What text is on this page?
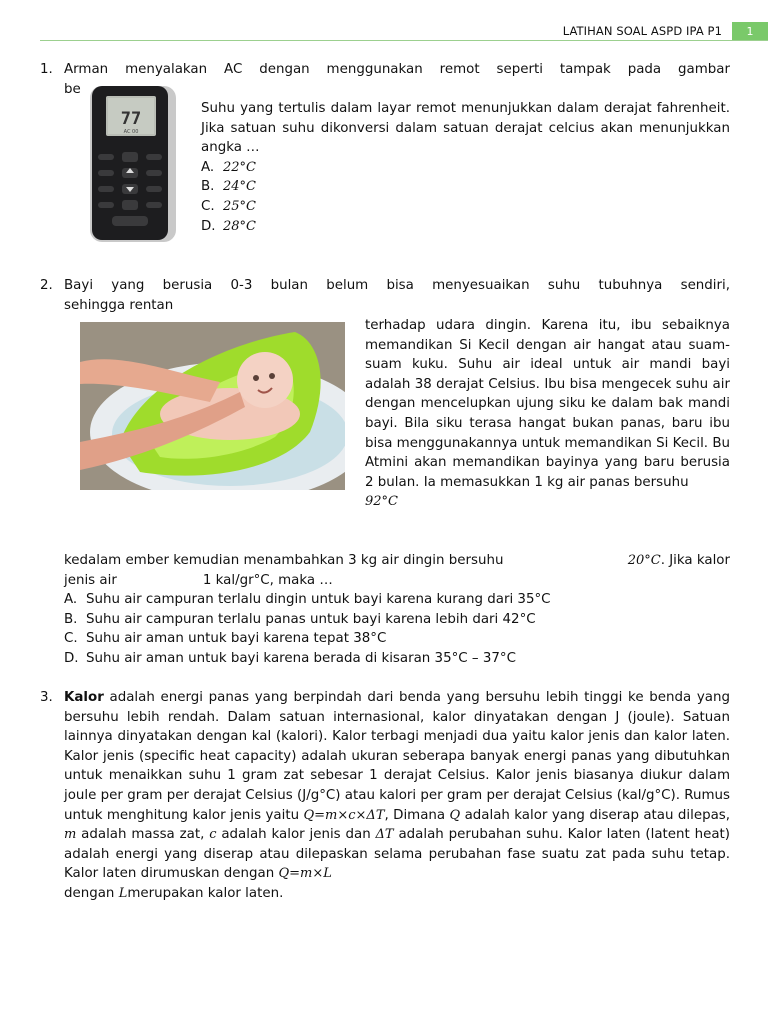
LATIHAN SOAL ASPD IPA P1	1
1. Arman menyalakan AC dengan menggunakan remot seperti tampak pada gambar
be
77
AC 00
Suhu yang tertulis dalam layar remot menunjukkan dalam derajat fahrenheit. Jika satuan suhu dikonversi dalam satuan derajat celcius akan menunjukkan angka …
A. 22°C
B. 24°C
C. 25°C
D. 28°C
2. Bayi yang berusia 0-3 bulan belum bisa menyesuaikan suhu tubuhnya sendiri,
sehingga rentan
terhadap udara dingin. Karena itu, ibu sebaiknya memandikan Si Kecil dengan air hangat atau suam-suam kuku. Suhu air ideal untuk air mandi bayi adalah 38 derajat Celsius. Ibu bisa mengecek suhu air dengan mencelupkan ujung siku ke dalam bak mandi bayi. Bila siku terasa hangat bukan panas, baru ibu bisa menggunakannya untuk memandikan Si Kecil. Bu Atmini akan memandikan bayinya yang baru berusia 2 bulan. Ia memasukkan 1 kg air panas bersuhu
92°C
kedalam ember kemudian menambahkan 3 kg air dingin bersuhu	20°C. Jika kalor
jenis air	1 kal/gr°C, maka …
A. Suhu air campuran terlalu dingin untuk bayi karena kurang dari 35°C
B. Suhu air campuran terlalu panas untuk bayi karena lebih dari 42°C
C. Suhu air aman untuk bayi karena tepat 38°C
D. Suhu air aman untuk bayi karena berada di kisaran 35°C – 37°C
3. Kalor adalah energi panas yang berpindah dari benda yang bersuhu lebih tinggi ke benda yang bersuhu lebih rendah. Dalam satuan internasional, kalor dinyatakan dengan J (joule). Satuan lainnya dinyatakan dengan kal (kalori). Kalor terbagi menjadi dua yaitu kalor jenis dan kalor laten. Kalor jenis (specific heat capacity) adalah ukuran seberapa banyak energi panas yang dibutuhkan untuk menaikkan suhu 1 gram zat sebesar 1 derajat Celsius. Kalor jenis biasanya diukur dalam joule per gram per derajat Celsius (J/g°C) atau kalori per gram per derajat Celsius (kal/g°C). Rumus untuk menghitung kalor jenis yaitu Q=m×c×ΔT, Dimana Q adalah kalor yang diserap atau dilepas, m adalah massa zat, c adalah kalor jenis dan ΔT adalah perubahan suhu. Kalor laten (latent heat) adalah energi yang diserap atau dilepaskan selama perubahan fase suatu zat pada suhu tetap. Kalor laten dirumuskan dengan Q=m×L
dengan Lmerupakan kalor laten.
